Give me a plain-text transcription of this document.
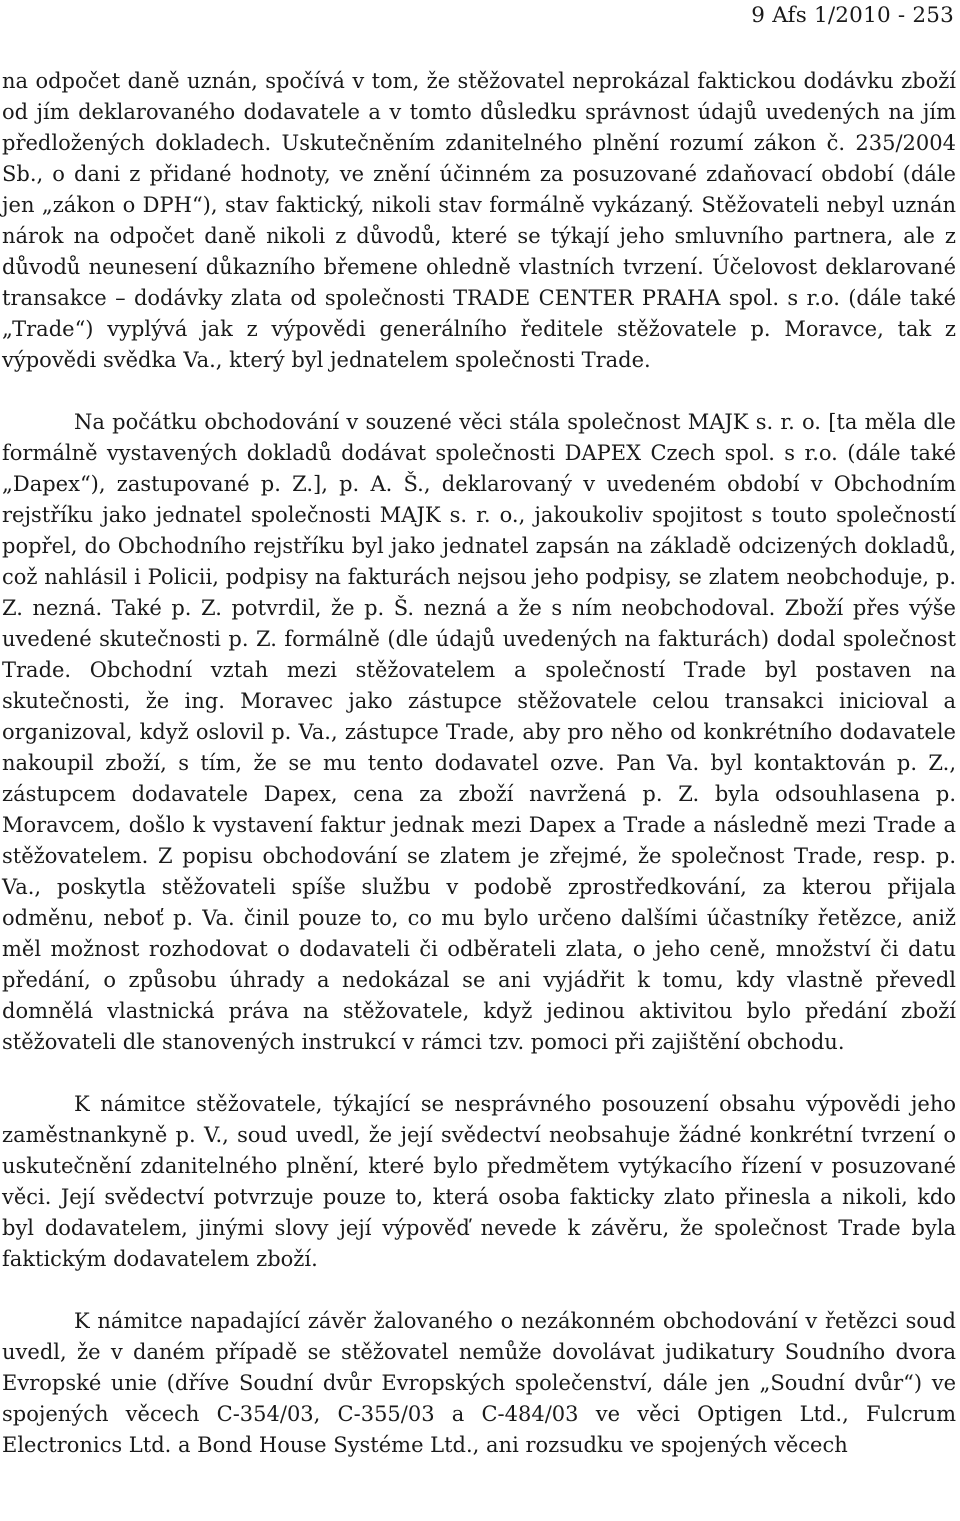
9 Afs 1/2010 - 253

na odpočet daně uznán, spočívá v tom, že stěžovatel neprokázal faktickou dodávku zboží od jím deklarovaného dodavatele a v tomto důsledku správnost údajů uvedených na jím předložených dokladech. Uskutečněním zdanitelného plnění rozumí zákon č. 235/2004 Sb., o dani z přidané hodnoty, ve znění účinném za posuzované zdaňovací období (dále jen „zákon o DPH“), stav faktický, nikoli stav formálně vykázaný. Stěžovateli nebyl uznán nárok na odpočet daně nikoli z důvodů, které se týkají jeho smluvního partnera, ale z důvodů neunesení důkazního břemene ohledně vlastních tvrzení. Účelovost deklarované transakce – dodávky zlata od společnosti TRADE CENTER PRAHA spol. s r.o. (dále také „Trade“) vyplývá jak z výpovědi generálního ředitele stěžovatele p. Moravce, tak z výpovědi svědka Va., který byl jednatelem společnosti Trade.

Na počátku obchodování v souzené věci stála společnost MAJK s. r. o. [ta měla dle formálně vystavených dokladů dodávat společnosti DAPEX Czech spol. s r.o. (dále také „Dapex“), zastupované p. Z.], p. A. Š., deklarovaný v uvedeném období v Obchodním rejstříku jako jednatel společnosti MAJK s. r. o., jakoukoliv spojitost s touto společností popřel, do Obchodního rejstříku byl jako jednatel zapsán na základě odcizených dokladů, což nahlásil i Policii, podpisy na fakturách nejsou jeho podpisy, se zlatem neobchoduje, p. Z. nezná. Také p. Z. potvrdil, že p. Š. nezná a že s ním neobchodoval. Zboží přes výše uvedené skutečnosti p. Z. formálně (dle údajů uvedených na fakturách) dodal společnost Trade. Obchodní vztah mezi stěžovatelem a společností Trade byl postaven na skutečnosti, že ing. Moravec jako zástupce stěžovatele celou transakci inicioval a organizoval, když oslovil p. Va., zástupce Trade, aby pro něho od konkrétního dodavatele nakoupil zboží, s tím, že se mu tento dodavatel ozve. Pan Va. byl kontaktován p. Z., zástupcem dodavatele Dapex, cena za zboží navržená p. Z. byla odsouhlasena p. Moravcem, došlo k vystavení faktur jednak mezi Dapex a Trade a následně mezi Trade a stěžovatelem. Z popisu obchodování se zlatem je zřejmé, že společnost Trade, resp. p. Va., poskytla stěžovateli spíše službu v podobě zprostředkování, za kterou přijala odměnu, neboť p. Va. činil pouze to, co mu bylo určeno dalšími účastníky řetězce, aniž měl možnost rozhodovat o dodavateli či odběrateli zlata, o jeho ceně, množství či datu předání, o způsobu úhrady a nedokázal se ani vyjádřit k tomu, kdy vlastně převedl domnělá vlastnická práva na stěžovatele, když jedinou aktivitou bylo předání zboží stěžovateli dle stanovených instrukcí v rámci tzv. pomoci při zajištění obchodu.

K námitce stěžovatele, týkající se nesprávného posouzení obsahu výpovědi jeho zaměstnankyně p. V., soud uvedl, že její svědectví neobsahuje žádné konkrétní tvrzení o uskutečnění zdanitelného plnění, které bylo předmětem vytýkacího řízení v posuzované věci. Její svědectví potvrzuje pouze to, která osoba fakticky zlato přinesla a nikoli, kdo byl dodavatelem, jinými slovy její výpověď nevede k závěru, že společnost Trade byla faktickým dodavatelem zboží.

K námitce napadající závěr žalovaného o nezákonném obchodování v řetězci soud uvedl, že v daném případě se stěžovatel nemůže dovolávat judikatury Soudního dvora Evropské unie (dříve Soudní dvůr Evropských společenství, dále jen „Soudní dvůr“) ve spojených věcech C-354/03, C-355/03 a C-484/03 ve věci Optigen Ltd., Fulcrum Electronics Ltd. a Bond House Systéme Ltd., ani rozsudku ve spojených věcech
